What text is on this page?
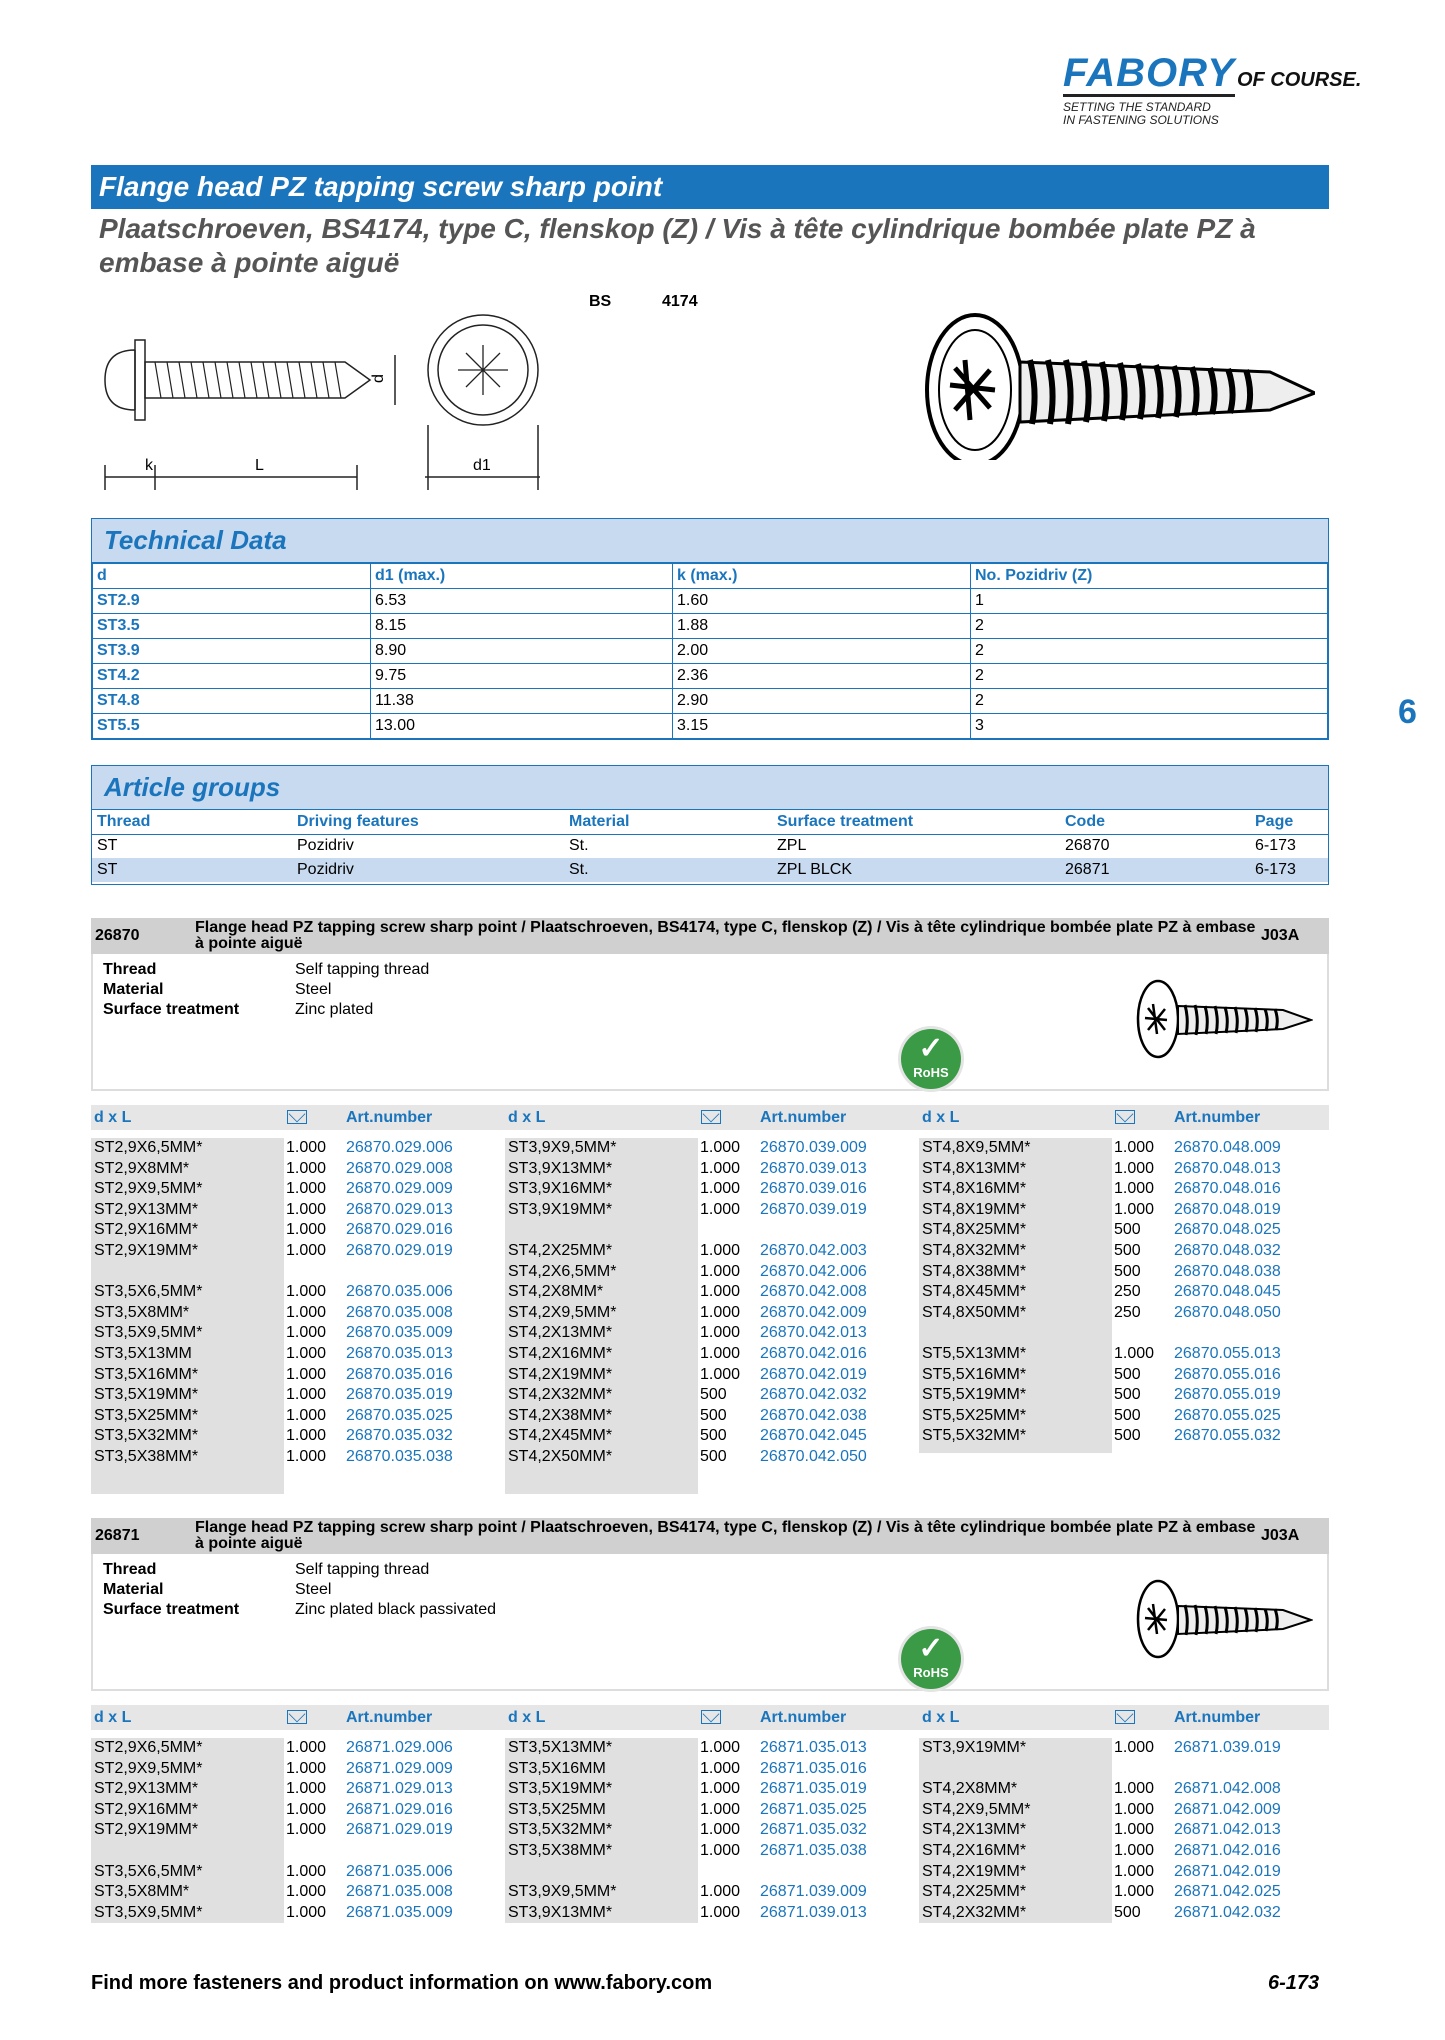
FABORY OF COURSE.
SETTING THE STANDARD
IN FASTENING SOLUTIONS
Flange head PZ tapping screw sharp point
Plaatschroeven, BS4174, type C, flenskop (Z) / Vis à tête cylindrique bombée plate PZ à embase à pointe aiguë
BS	4174
6
k	L
d
d1
Technical Data
d	d1 (max.)	k (max.)	No. Pozidriv (Z)
ST2.9	6.53	1.60	1
ST3.5	8.15	1.88	2
ST3.9	8.90	2.00	2
ST4.2	9.75	2.36	2
ST4.8	11.38	2.90	2
ST5.5	13.00	3.15	3
Article groups
Thread	Driving features	Material	Surface treatment	Code	Page
ST	Pozidriv	St.	ZPL	26870	6-173
ST	Pozidriv	St.	ZPL BLCK	26871	6-173
26870	Flange head PZ tapping screw sharp point / Plaatschroeven, BS4174, type C, flenskop (Z) / Vis à tête cylindrique bombée plate PZ à embase à pointe aiguë	J03A
Thread	Self tapping thread
Material	Steel
Surface treatment	Zinc plated
✓
RoHS
d x L	Art.number	d x L	Art.number	d x L	Art.number
26871	Flange head PZ tapping screw sharp point / Plaatschroeven, BS4174, type C, flenskop (Z) / Vis à tête cylindrique bombée plate PZ à embase à pointe aiguë	J03A
Thread	Self tapping thread
Material	Steel
Surface treatment	Zinc plated black passivated
✓
RoHS
d x L	Art.number	d x L	Art.number	d x L	Art.number
Find more fasteners and product information on www.fabory.com	6-173
ST2,9X6,5MM*	1.000	26870.029.006
ST2,9X8MM*	1.000	26870.029.008
ST2,9X9,5MM*	1.000	26870.029.009
ST2,9X13MM*	1.000	26870.029.013
ST2,9X16MM*	1.000	26870.029.016
ST2,9X19MM*	1.000	26870.029.019
ST3,5X6,5MM*	1.000	26870.035.006
ST3,5X8MM*	1.000	26870.035.008
ST3,5X9,5MM*	1.000	26870.035.009
ST3,5X13MM	1.000	26870.035.013
ST3,5X16MM*	1.000	26870.035.016
ST3,5X19MM*	1.000	26870.035.019
ST3,5X25MM*	1.000	26870.035.025
ST3,5X32MM*	1.000	26870.035.032
ST3,5X38MM*	1.000	26870.035.038
ST3,9X9,5MM*	1.000	26870.039.009
ST3,9X13MM*	1.000	26870.039.013
ST3,9X16MM*	1.000	26870.039.016
ST3,9X19MM*	1.000	26870.039.019
ST4,2X25MM*	1.000	26870.042.003
ST4,2X6,5MM*	1.000	26870.042.006
ST4,2X8MM*	1.000	26870.042.008
ST4,2X9,5MM*	1.000	26870.042.009
ST4,2X13MM*	1.000	26870.042.013
ST4,2X16MM*	1.000	26870.042.016
ST4,2X19MM*	1.000	26870.042.019
ST4,2X32MM*	500	26870.042.032
ST4,2X38MM*	500	26870.042.038
ST4,2X45MM*	500	26870.042.045
ST4,2X50MM*	500	26870.042.050
ST4,8X9,5MM*	1.000	26870.048.009
ST4,8X13MM*	1.000	26870.048.013
ST4,8X16MM*	1.000	26870.048.016
ST4,8X19MM*	1.000	26870.048.019
ST4,8X25MM*	500	26870.048.025
ST4,8X32MM*	500	26870.048.032
ST4,8X38MM*	500	26870.048.038
ST4,8X45MM*	250	26870.048.045
ST4,8X50MM*	250	26870.048.050
ST5,5X13MM*	1.000	26870.055.013
ST5,5X16MM*	500	26870.055.016
ST5,5X19MM*	500	26870.055.019
ST5,5X25MM*	500	26870.055.025
ST5,5X32MM*	500	26870.055.032
ST2,9X6,5MM*	1.000	26871.029.006
ST2,9X9,5MM*	1.000	26871.029.009
ST2,9X13MM*	1.000	26871.029.013
ST2,9X16MM*	1.000	26871.029.016
ST2,9X19MM*	1.000	26871.029.019
ST3,5X6,5MM*	1.000	26871.035.006
ST3,5X8MM*	1.000	26871.035.008
ST3,5X9,5MM*	1.000	26871.035.009
ST3,5X13MM*	1.000	26871.035.013
ST3,5X16MM	1.000	26871.035.016
ST3,5X19MM*	1.000	26871.035.019
ST3,5X25MM	1.000	26871.035.025
ST3,5X32MM*	1.000	26871.035.032
ST3,5X38MM*	1.000	26871.035.038
ST3,9X9,5MM*	1.000	26871.039.009
ST3,9X13MM*	1.000	26871.039.013
ST3,9X19MM*	1.000	26871.039.019
ST4,2X8MM*	1.000	26871.042.008
ST4,2X9,5MM*	1.000	26871.042.009
ST4,2X13MM*	1.000	26871.042.013
ST4,2X16MM*	1.000	26871.042.016
ST4,2X19MM*	1.000	26871.042.019
ST4,2X25MM*	1.000	26871.042.025
ST4,2X32MM*	500	26871.042.032
